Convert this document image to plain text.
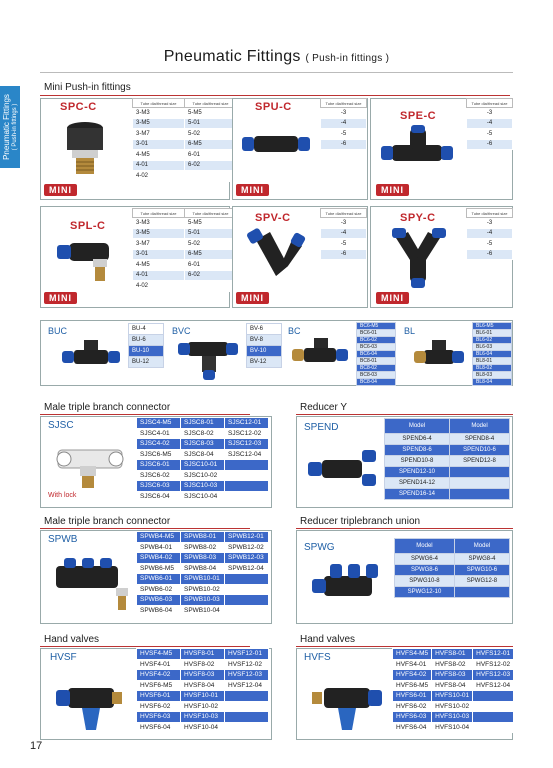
Pneumatic Fittings ( Push-in fittings )
Pneumatic Fittings ( Push-in fittings )
Mini Push-in fittings
SPC-C
MINI
Tube dia/thread size	Tube dia/thread size
3-M3	5-M5
3-M5	5-01
3-M7	5-02
3-01	6-M5
4-M5	6-01
4-01	6-02
4-02	
SPU-C
MINI
Tube dia/thread size
-3
-4
-5
-6
SPE-C
MINI
Tube dia/thread size
-3
-4
-5
-6
SPL-C
MINI
Tube dia/thread size	Tube dia/thread size
3-M3	5-M5
3-M5	5-01
3-M7	5-02
3-01	6-M5
4-M5	6-01
4-01	6-02
4-02	
SPV-C
MINI
Tube dia/thread size
-3
-4
-5
-6
SPY-C
MINI
Tube dia/thread size
-3
-4
-5
-6
BUC	BU-4
BU-6
BU-10
BU-12
BVC	BV-6
BV-8
BV-10
BV-12
BC	BC6-M5
BC6-01
BC6-02
BC6-03
BC6-04
BC8-01
BC8-02
BC8-03
BC8-04
BL	BL6-M5
BL6-01
BL6-02
BL6-03
BL6-04
BL8-01
BL8-02
BL8-03
BL8-04
Male triple branch connector
SJSC
With lock
SJSC4-M5	SJSC8-01	SJSC12-01
SJSC4-01	SJSC8-02	SJSC12-02
SJSC4-02	SJSC8-03	SJSC12-03
SJSC6-M5	SJSC8-04	SJSC12-04
SJSC6-01	SJSC10-01	
SJSC6-02	SJSC10-02	
SJSC6-03	SJSC10-03	
SJSC6-04	SJSC10-04	
Reducer Y
SPEND	Model	Model
SPEND6-4	SPEND8-4
SPEND8-6	SPEND10-6
SPEND10-8	SPEND12-8
SPEND12-10	
SPEND14-12	
SPEND16-14	
Male triple branch connector
SPWB	SPWB4-M5	SPWB8-01	SPWB12-01
SPWB4-01	SPWB8-02	SPWB12-02
SPWB4-02	SPWB8-03	SPWB12-03
SPWB6-M5	SPWB8-04	SPWB12-04
SPWB6-01	SPWB10-01	
SPWB6-02	SPWB10-02	
SPWB6-03	SPWB10-03	
SPWB6-04	SPWB10-04	
Reducer triplebranch union
SPWG	Model	Model
SPWG6-4	SPWG8-4
SPWG8-6	SPWG10-6
SPWG10-8	SPWG12-8
SPWG12-10	
Hand valves
HVSF	HVSF4-M5	HVSF8-01	HVSF12-01
HVSF4-01	HVSF8-02	HVSF12-02
HVSF4-02	HVSF8-03	HVSF12-03
HVSF6-M5	HVSF8-04	HVSF12-04
HVSF6-01	HVSF10-01	
HVSF6-02	HVSF10-02	
HVSF6-03	HVSF10-03	
HVSF6-04	HVSF10-04	
Hand valves
HVFS	HVFS4-M5	HVFS8-01	HVFS12-01
HVFS4-01	HVFS8-02	HVFS12-02
HVFS4-02	HVFS8-03	HVFS12-03
HVFS6-M5	HVFS8-04	HVFS12-04
HVFS6-01	HVFS10-01	
HVFS6-02	HVFS10-02	
HVFS6-03	HVFS10-03	
HVFS6-04	HVFS10-04	
17
